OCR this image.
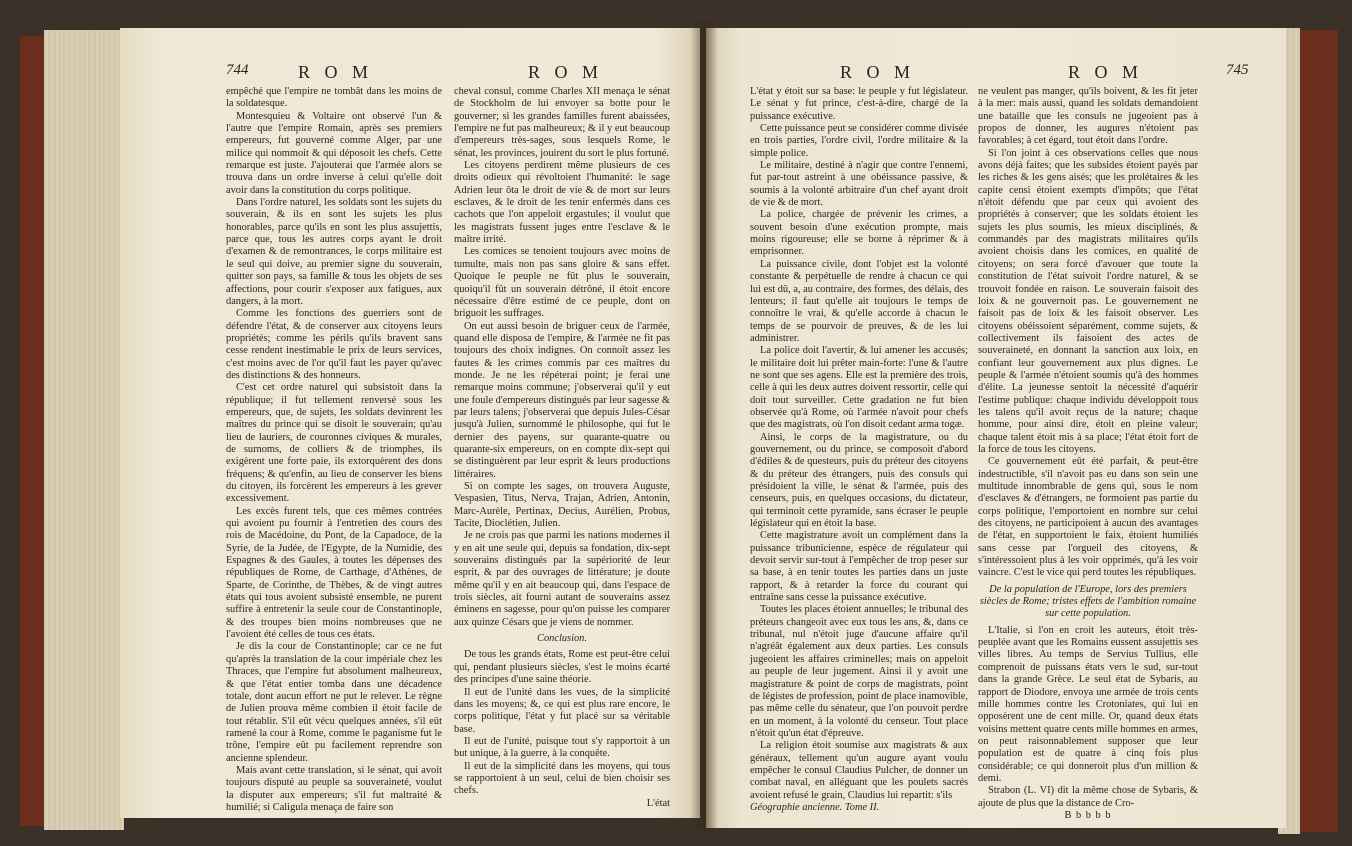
744	R O M	R O M

empêché que l'empire ne tombât dans les moins de la soldatesque.

Montesquieu & Voltaire ont observé l'un & l'autre que l'empire Romain, après ses premiers empereurs, fut gouverné comme Alger, par une milice qui nommoit & qui déposoit les chefs. Cette remarque est juste. J'ajouterai que l'armée alors se trouva dans un ordre inverse à celui qu'elle doit avoir dans la constitution du corps politique.

Dans l'ordre naturel, les soldats sont les sujets du souverain, & ils en sont les sujets les plus honorables, parce qu'ils en sont les plus assujettis, parce que, tous les autres corps ayant le droit d'examen & de remontrances, le corps militaire est le seul qui doive, au premier signe du souverain, quitter son pays, sa famille & tous les objets de ses affections, pour courir s'exposer aux fatigues, aux dangers, à la mort.

Comme les fonctions des guerriers sont de défendre l'état, & de conserver aux citoyens leurs propriétés; comme les périls qu'ils bravent sans cesse rendent inestimable le prix de leurs services, c'est moins avec de l'or qu'il faut les payer qu'avec des distinctions & des honneurs.

C'est cet ordre naturel qui subsistoit dans la république; il fut tellement renversé sous les empereurs, que, de sujets, les soldats devinrent les maîtres du prince qui se disoit le souverain; qu'au lieu de lauriers, de couronnes civiques & murales, de surnoms, de colliers & de triomphes, ils exigèrent une forte paie, ils extorquèrent des dons fréquens; & qu'enfin, au lieu de conserver les biens du citoyen, ils forcèrent les empereurs à les grever excessivement.

Les excès furent tels, que ces mêmes contrées qui avoient pu fournir à l'entretien des cours des rois de Macédoine, du Pont, de la Capadoce, de la Syrie, de la Judée, de l'Egypte, de la Numidie, des Espagnes & des Gaules, à toutes les dépenses des républiques de Rome, de Carthage, d'Athènes, de Sparte, de Corinthe, de Thèbes, & de vingt autres états qui tous avoient subsisté ensemble, ne purent suffire à entretenir la seule cour de Constantinople, & des troupes bien moins nombreuses que ne l'avoient été celles de tous ces états.

Je dis la cour de Constantinople; car ce ne fut qu'après la translation de la cour impériale chez les Thraces, que l'empire fut absolument malheureux, & que l'état entier tomba dans une décadence totale, dont aucun effort ne put le relever. Le règne de Julien prouva même combien il étoit facile de tout rétablir. S'il eût vécu quelques années, s'il eût ramené la cour à Rome, comme le paganisme fut le trône, l'empire eût pu facilement reprendre son ancienne splendeur.

Mais avant cette translation, si le sénat, qui avoit toujours disputé au peuple sa souveraineté, voulut la disputer aux empereurs; s'il fut maltraité & humilié; si Caligula menaça de faire son

cheval consul, comme Charles XII menaça le sénat de Stockholm de lui envoyer sa botte pour le gouverner; si les grandes familles furent abaissées, l'empire ne fut pas malheureux; & il y eut beaucoup d'empereurs très-sages, sous lesquels Rome, le sénat, les provinces, jouirent du sort le plus fortuné.

Les citoyens perdirent même plusieurs de ces droits odieux qui révoltoient l'humanité: le sage Adrien leur ôta le droit de vie & de mort sur leurs esclaves, & le droit de les tenir enfermés dans ces cachots que l'on appeloit ergastules; il voulut que les magistrats fussent juges entre l'esclave & le maître irrité.

Les comices se tenoient toujours avec moins de tumulte, mais non pas sans gloire & sans effet. Quoique le peuple ne fût plus le souverain, quoiqu'il fût un souverain détrôné, il étoit encore nécessaire d'être estimé de ce peuple, dont on briguoit les suffrages.

On eut aussi besoin de briguer ceux de l'armée, quand elle disposa de l'empire, & l'armée ne fit pas toujours des choix indignes. On connoît assez les fautes & les crimes commis par ces maîtres du monde. Je ne les répéterai point; je ferai une remarque moins commune; j'observerai qu'il y eut une foule d'empereurs distingués par leur sagesse & par leurs talens; j'observerai que depuis Jules-César jusqu'à Julien, surnommé le philosophe, qui fut le dernier des payens, sur quarante-quatre ou quarante-six empereurs, on en compte dix-sept qui se distinguèrent par leur esprit & leurs productions littéraires.

Si on compte les sages, on trouvera Auguste, Vespasien, Titus, Nerva, Trajan, Adrien, Antonin, Marc-Aurèle, Pertinax, Decius, Aurélien, Probus, Tacite, Dioclétien, Julien.

Je ne crois pas que parmi les nations modernes il y en ait une seule qui, depuis sa fondation, dix-sept souverains distingués par la supériorité de leur esprit, & par des ouvrages de littérature; je doute même qu'il y en ait beaucoup qui, dans l'espace de trois siècles, ait fourni autant de souverains assez éminens en sagesse, pour qu'on puisse les comparer aux quinze Césars que je viens de nommer.

Conclusion.

De tous les grands états, Rome est peut-être celui qui, pendant plusieurs siècles, s'est le moins écarté des principes d'une saine théorie.

Il eut de l'unité dans les vues, de la simplicité dans les moyens; &, ce qui est plus rare encore, le corps politique, l'état y fut placé sur sa véritable base.

Il eut de l'unité, puisque tout s'y rapportoit à un but unique, à la guerre, à la conquête.

Il eut de la simplicité dans les moyens, qui tous se rapportoient à un seul, celui de bien choisir ses chefs.

L'état
R O M	R O M	745

L'état y étoit sur sa base: le peuple y fut législateur. Le sénat y fut prince, c'est-à-dire, chargé de la puissance exécutive.

Cette puissance peut se considérer comme divisée en trois parties, l'ordre civil, l'ordre militaire & la simple police.

Le militaire, destiné à n'agir que contre l'ennemi, fut par-tout astreint à une obéissance passive, & soumis à la volonté arbitraire d'un chef ayant droit de vie & de mort.

La police, chargée de prévenir les crimes, a souvent besoin d'une exécution prompte, mais moins rigoureuse; elle se borne à réprimer & à emprisonner.

La puissance civile, dont l'objet est la volonté constante & perpétuelle de rendre à chacun ce qui lui est dû, a, au contraire, des formes, des délais, des lenteurs; il faut qu'elle ait toujours le temps de connoître le vrai, & qu'elle accorde à chacun le temps de se pourvoir de preuves, & de les lui administrer.

La police doit l'avertir, & lui amener les accusés; le militaire doit lui prêter main-forte: l'une & l'autre ne sont que ses agens. Elle est la première des trois, celle à qui les deux autres doivent ressortir, celle qui doit tout surveiller. Cette gradation ne fut bien observée qu'à Rome, où l'armée n'avoit pour chefs que des magistrats, où l'on disoit cedant arma togæ.

Ainsi, le corps de la magistrature, ou du gouvernement, ou du prince, se composoit d'abord d'édiles & de questeurs, puis du préteur des citoyens & du préteur des étrangers, puis des consuls qui présidoient la ville, le sénat & l'armée, puis des censeurs, puis, en quelques occasions, du dictateur, qui terminoit cette pyramide, sans écraser le peuple législateur qui en étoit la base.

Cette magistrature avoit un complément dans la puissance tribunicienne, espèce de régulateur qui devoit servir sur-tout à l'empêcher de trop peser sur sa base, à en tenir toutes les parties dans un juste rapport, & à retarder la force du courant qui entraîne sans cesse la puissance exécutive.

Toutes les places étoient annuelles; le tribunal des préteurs changeoit avec eux tous les ans, &, dans ce tribunal, nul n'étoit juge d'aucune affaire qu'il n'agréât également aux deux parties. Les consuls jugeoient les affaires criminelles; mais on appeloit au peuple de leur jugement. Ainsi il y avoit une magistrature & point de corps de magistrats, point de légistes de profession, point de place inamovible, pas même celle du sénateur, que l'on pouvoit perdre en un moment, à la volonté du censeur. Tout place n'étoit qu'un état d'épreuve.

La religion étoit soumise aux magistrats & aux généraux, tellement qu'un augure ayant voulu empêcher le consul Claudius Pulcher, de donner un combat naval, en alléguant que les poulets sacrés avoient refusé le grain, Claudius lui repartit: s'ils

Géographie ancienne. Tome II.

ne veulent pas manger, qu'ils boivent, & les fit jeter à la mer: mais aussi, quand les soldats demandoient une bataille que les consuls ne jugeoient pas à propos de donner, les augures n'étoient pas favorables; à cet égard, tout étoit dans l'ordre.

Si l'on joint à ces observations celles que nous avons déjà faites; que les subsides étoient payés par les riches & les gens aisés; que les prolétaires & les capite censi étoient exempts d'impôts; que l'état n'étoit défendu que par ceux qui avoient des propriétés à conserver; que les soldats étoient les sujets les plus soumis, les mieux disciplinés, & commandés par des magistrats militaires qu'ils avoient choisis dans les comices, en qualité de citoyens; on sera forcé d'avouer que toute la constitution de l'état suivoit l'ordre naturel, & se trouvoit fondée en raison. Le souverain faisoit des loix & ne gouvernoit pas. Le gouvernement ne faisoit pas de loix & les faisoit observer. Les citoyens obéissoient séparément, comme sujets, & collectivement ils faisoient des actes de souveraineté, en donnant la sanction aux loix, en confiant leur gouvernement aux plus dignes. Le peuple & l'armée n'étoient soumis qu'à des hommes d'élite. La jeunesse sentoit la nécessité d'aquérir l'estime publique: chaque individu développoit tous les talens qu'il avoit reçus de la nature; chaque homme, pour ainsi dire, étoit en pleine valeur; chaque talent étoit mis à sa place; l'état étoit fort de la force de tous les citoyens.

Ce gouvernement eût été parfait, & peut-être indestructible, s'il n'avoit pas eu dans son sein une multitude innombrable de gens qui, sous le nom d'esclaves & d'étrangers, ne formoient pas partie du corps politique, l'emportoient en nombre sur celui des citoyens, ne participoient à aucun des avantages de l'état, en supportoient le faix, étoient humiliés sans cesse par l'orgueil des citoyens, & s'intéressoient plus à les voir opprimés, qu'à les voir vaincre. C'est le vice qui perd toutes les républiques.

De la population de l'Europe, lors des premiers siècles de Rome; tristes effets de l'ambition romaine sur cette population.

L'Italie, si l'on en croit les auteurs, étoit très-peuplée avant que les Romains eussent assujettis ses villes libres. Au temps de Servius Tullius, elle comprenoit de puissans états vers le sud, sur-tout dans la grande Grèce. Le seul état de Sybaris, au rapport de Diodore, envoya une armée de trois cents mille hommes contre les Crotoniates, qui lui en opposèrent une de cent mille. Or, quand deux états voisins mettent quatre cents mille hommes en armes, on peut raisonnablement supposer que leur population est de quatre à cinq fois plus considérable; ce qui donneroit plus d'un million & demi.

Strabon (L. VI) dit la même chose de Sybaris, & ajoute de plus que la distance de Cro-

B b b b b
